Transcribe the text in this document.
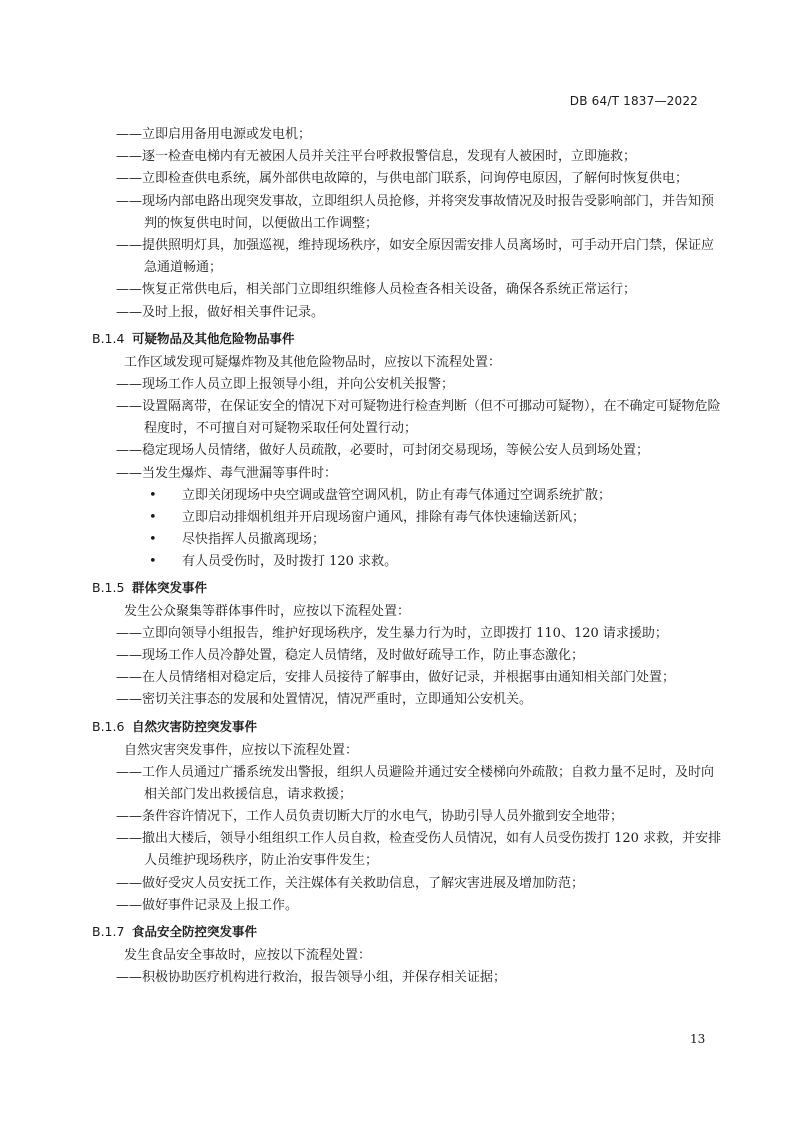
DB 64/T 1837—2022
——立即启用备用电源或发电机；
——逐一检查电梯内有无被困人员并关注平台呼救报警信息，发现有人被困时，立即施救；
——立即检查供电系统，属外部供电故障的，与供电部门联系，问询停电原因，了解何时恢复供电；
——现场内部电路出现突发事故，立即组织人员抢修，并将突发事故情况及时报告受影响部门，并告知预判的恢复供电时间，以便做出工作调整；
——提供照明灯具，加强巡视，维持现场秩序，如安全原因需安排人员离场时，可手动开启门禁，保证应急通道畅通；
——恢复正常供电后，相关部门立即组织维修人员检查各相关设备，确保各系统正常运行；
——及时上报，做好相关事件记录。
B.1.4 可疑物品及其他危险物品事件
工作区域发现可疑爆炸物及其他危险物品时，应按以下流程处置：
——现场工作人员立即上报领导小组，并向公安机关报警；
——设置隔离带，在保证安全的情况下对可疑物进行检查判断（但不可挪动可疑物），在不确定可疑物危险程度时，不可擅自对可疑物采取任何处置行动；
——稳定现场人员情绪，做好人员疏散，必要时，可封闭交易现场，等候公安人员到场处置；
——当发生爆炸、毒气泄漏等事件时：
• 立即关闭现场中央空调或盘管空调风机，防止有毒气体通过空调系统扩散；
• 立即启动排烟机组并开启现场窗户通风，排除有毒气体快速输送新风；
• 尽快指挥人员撤离现场；
• 有人员受伤时，及时拨打 120 求救。
B.1.5 群体突发事件
发生公众聚集等群体事件时，应按以下流程处置：
——立即向领导小组报告，维护好现场秩序，发生暴力行为时，立即拨打 110、120 请求援助；
——现场工作人员冷静处置，稳定人员情绪，及时做好疏导工作，防止事态激化；
——在人员情绪相对稳定后，安排人员接待了解事由，做好记录，并根据事由通知相关部门处置；
——密切关注事态的发展和处置情况，情况严重时，立即通知公安机关。
B.1.6 自然灾害防控突发事件
自然灾害突发事件，应按以下流程处置：
——工作人员通过广播系统发出警报，组织人员避险并通过安全楼梯向外疏散；自救力量不足时，及时向相关部门发出救援信息，请求救援；
——条件容许情况下，工作人员负责切断大厅的水电气，协助引导人员外撤到安全地带；
——撤出大楼后，领导小组组织工作人员自救，检查受伤人员情况，如有人员受伤拨打 120 求救，并安排人员维护现场秩序，防止治安事件发生；
——做好受灾人员安抚工作，关注媒体有关救助信息，了解灾害进展及增加防范；
——做好事件记录及上报工作。
B.1.7 食品安全防控突发事件
发生食品安全事故时，应按以下流程处置：
——积极协助医疗机构进行救治，报告领导小组，并保存相关证据；
13
